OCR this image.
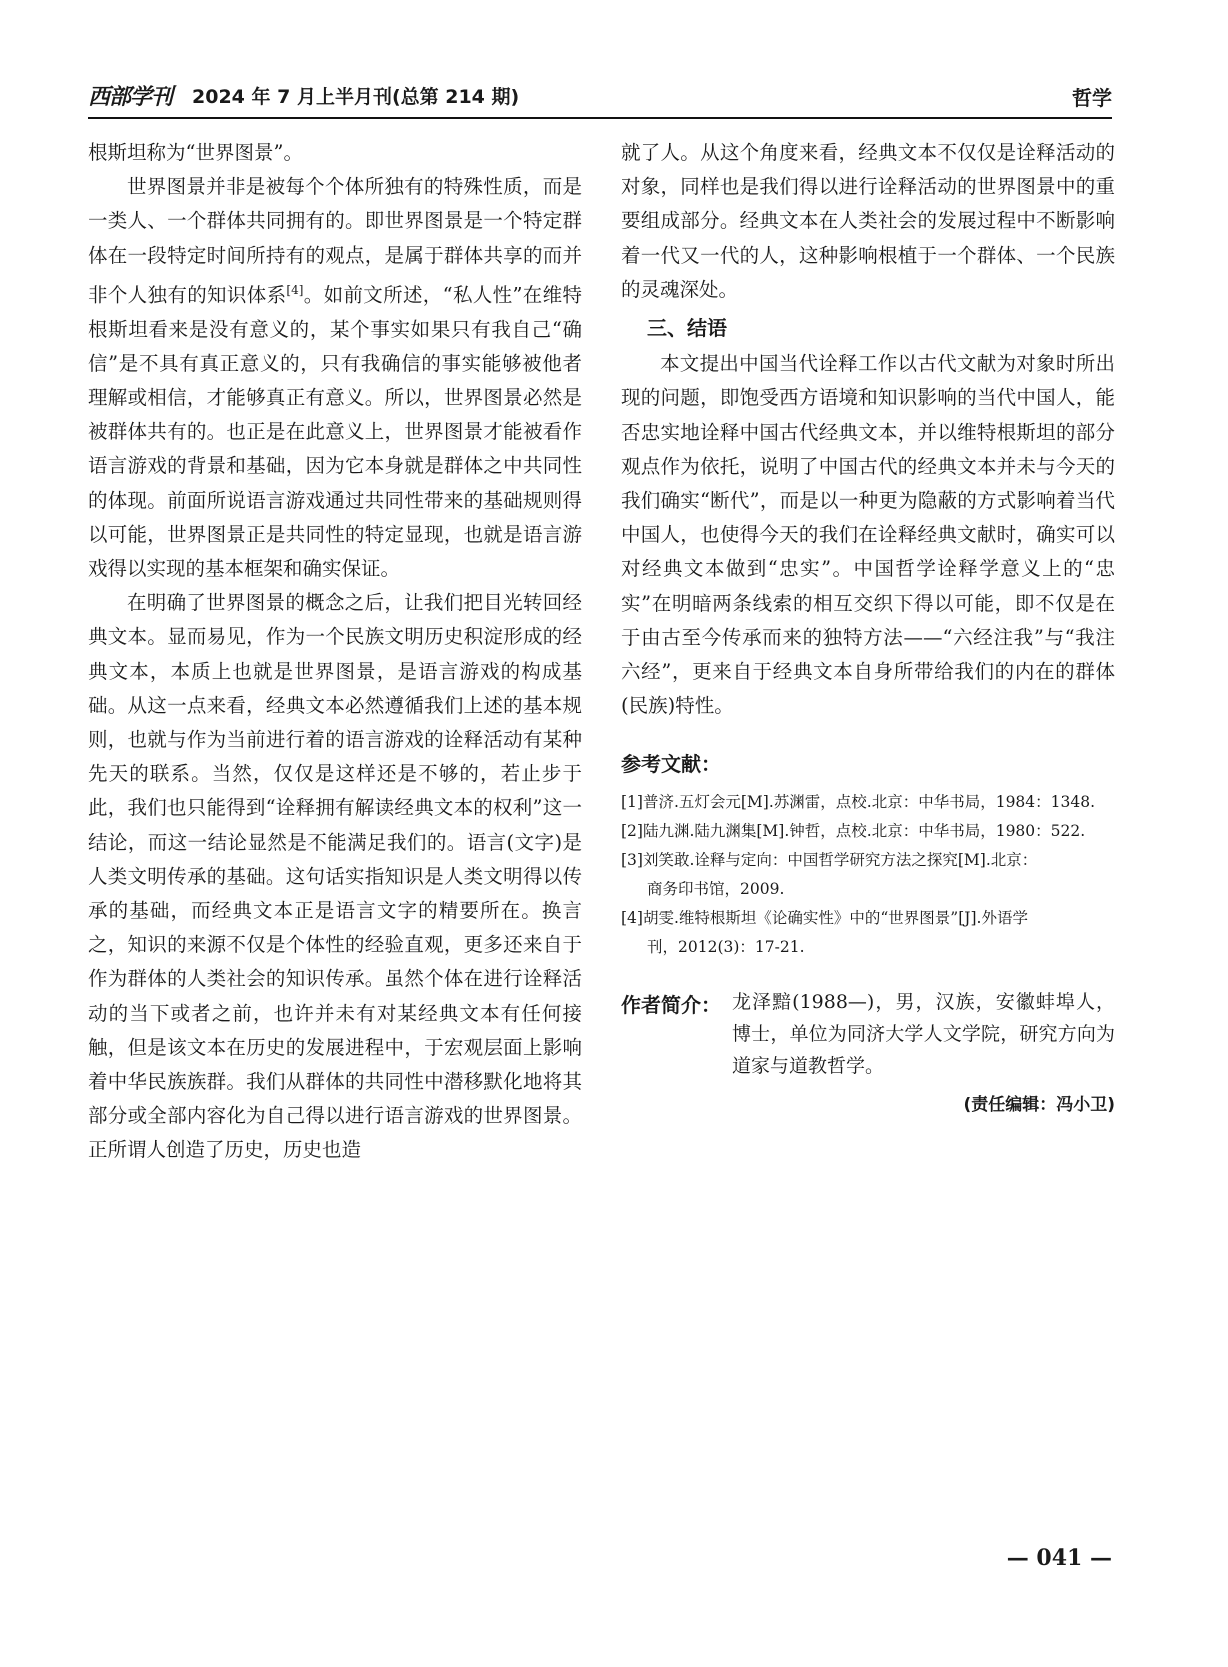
西部学刊 2024 年 7 月上半月刊(总第 214 期)	哲学

根斯坦称为“世界图景”。

世界图景并非是被每个个体所独有的特殊性质，而是一类人、一个群体共同拥有的。即世界图景是一个特定群体在一段特定时间所持有的观点，是属于群体共享的而并非个人独有的知识体系[4]。如前文所述，“私人性”在维特根斯坦看来是没有意义的，某个事实如果只有我自己“确信”是不具有真正意义的，只有我确信的事实能够被他者理解或相信，才能够真正有意义。所以，世界图景必然是被群体共有的。也正是在此意义上，世界图景才能被看作语言游戏的背景和基础，因为它本身就是群体之中共同性的体现。前面所说语言游戏通过共同性带来的基础规则得以可能，世界图景正是共同性的特定显现，也就是语言游戏得以实现的基本框架和确实保证。

在明确了世界图景的概念之后，让我们把目光转回经典文本。显而易见，作为一个民族文明历史积淀形成的经典文本，本质上也就是世界图景，是语言游戏的构成基础。从这一点来看，经典文本必然遵循我们上述的基本规则，也就与作为当前进行着的语言游戏的诠释活动有某种先天的联系。当然，仅仅是这样还是不够的，若止步于此，我们也只能得到“诠释拥有解读经典文本的权利”这一结论，而这一结论显然是不能满足我们的。语言(文字)是人类文明传承的基础。这句话实指知识是人类文明得以传承的基础，而经典文本正是语言文字的精要所在。换言之，知识的来源不仅是个体性的经验直观，更多还来自于作为群体的人类社会的知识传承。虽然个体在进行诠释活动的当下或者之前，也许并未有对某经典文本有任何接触，但是该文本在历史的发展进程中，于宏观层面上影响着中华民族族群。我们从群体的共同性中潜移默化地将其部分或全部内容化为自己得以进行语言游戏的世界图景。正所谓人创造了历史，历史也造

就了人。从这个角度来看，经典文本不仅仅是诠释活动的对象，同样也是我们得以进行诠释活动的世界图景中的重要组成部分。经典文本在人类社会的发展过程中不断影响着一代又一代的人，这种影响根植于一个群体、一个民族的灵魂深处。

三、结语

本文提出中国当代诠释工作以古代文献为对象时所出现的问题，即饱受西方语境和知识影响的当代中国人，能否忠实地诠释中国古代经典文本，并以维特根斯坦的部分观点作为依托，说明了中国古代的经典文本并未与今天的我们确实“断代”，而是以一种更为隐蔽的方式影响着当代中国人，也使得今天的我们在诠释经典文献时，确实可以对经典文本做到“忠实”。中国哲学诠释学意义上的“忠实”在明暗两条线索的相互交织下得以可能，即不仅是在于由古至今传承而来的独特方法——“六经注我”与“我注六经”，更来自于经典文本自身所带给我们的内在的群体(民族)特性。

参考文献：

[1]普济.五灯会元[M].苏渊雷，点校.北京：中华书局，1984：1348.

[2]陆九渊.陆九渊集[M].钟哲，点校.北京：中华书局，1980：522.

[3]刘笑敢.诠释与定向：中国哲学研究方法之探究[M].北京：
商务印书馆，2009.

[4]胡雯.维特根斯坦《论确实性》中的“世界图景”[J].外语学
刊，2012(3)：17-21.

作者简介： 龙泽黯(1988—)，男，汉族，安徽蚌埠人，博士，单位为同济大学人文学院，研究方向为道家与道教哲学。
(责任编辑：冯小卫)
— 041 —
